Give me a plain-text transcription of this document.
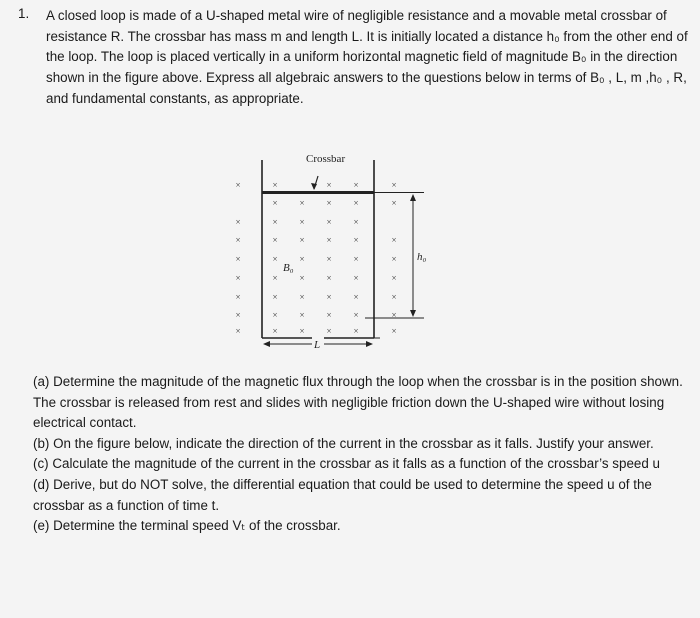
1. A closed loop is made of a U-shaped metal wire of negligible resistance and a movable metal crossbar of resistance R. The crossbar has mass m and length L. It is initially located a distance h₀ from the other end of the loop. The loop is placed vertically in a uniform horizontal magnetic field of magnitude B₀ in the direction shown in the figure above. Express all algebraic answers to the questions below in terms of B₀ , L, m ,h₀ , R, and fundamental constants, as appropriate.
×	×	× ×	×
× × × ×	×
×	× × × ×
×	× × × ×	×
×	× × × ×	×
×	× × × ×	×
×	× × × ×	×
×	× × × ×	×
×	× × × ×	×
Crossbar
h₀
B₀
L

(a) Determine the magnitude of the magnetic flux through the loop when the crossbar is in the position shown.

The crossbar is released from rest and slides with negligible friction down the U-shaped wire without losing electrical contact.

(b) On the figure below, indicate the direction of the current in the crossbar as it falls. Justify your answer.

(c) Calculate the magnitude of the current in the crossbar as it falls as a function of the crossbar’s speed u

(d) Derive, but do NOT solve, the differential equation that could be used to determine the speed u of the crossbar as a function of time t.

(e) Determine the terminal speed Vₜ of the crossbar.
